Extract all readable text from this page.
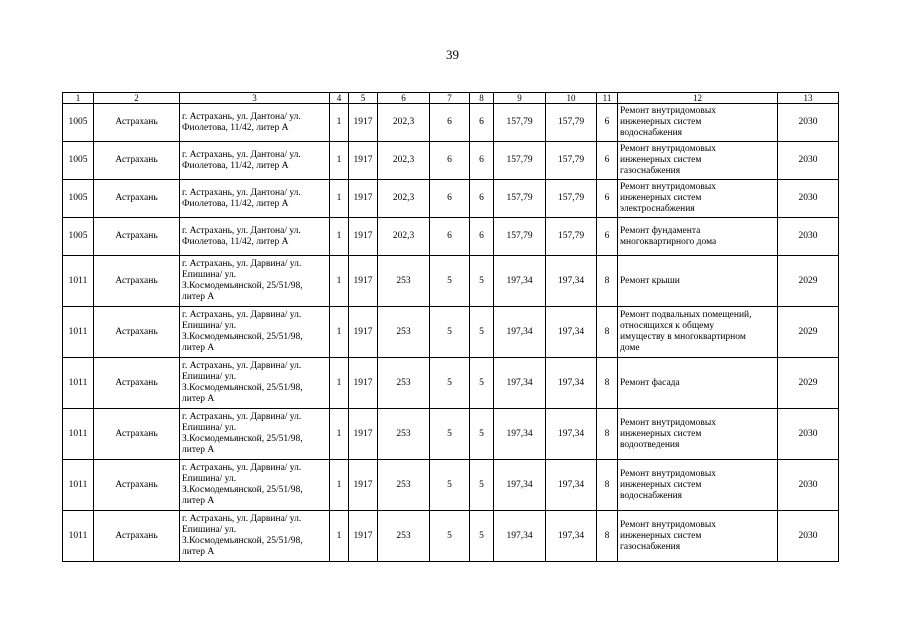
39
1	2	3	4	5	6	7	8	9	10	11	12	13
1005	Астрахань	г. Астрахань, ул. Дантона/ ул.
Фиолетова, 11/42, литер А	1	1917	202,3	6	6	157,79	157,79	6	Ремонт внутридомовых
инженерных систем
водоснабжения	2030
1005	Астрахань	г. Астрахань, ул. Дантона/ ул.
Фиолетова, 11/42, литер А	1	1917	202,3	6	6	157,79	157,79	6	Ремонт внутридомовых
инженерных систем
газоснабжения	2030
1005	Астрахань	г. Астрахань, ул. Дантона/ ул.
Фиолетова, 11/42, литер А	1	1917	202,3	6	6	157,79	157,79	6	Ремонт внутридомовых
инженерных систем
электроснабжения	2030
1005	Астрахань	г. Астрахань, ул. Дантона/ ул.
Фиолетова, 11/42, литер А	1	1917	202,3	6	6	157,79	157,79	6	Ремонт фундамента
многоквартирного дома	2030
1011	Астрахань	г. Астрахань, ул. Дарвина/ ул.
Епишина/ ул.
З.Космодемьянской, 25/51/98,
литер А	1	1917	253	5	5	197,34	197,34	8	Ремонт крыши	2029
1011	Астрахань	г. Астрахань, ул. Дарвина/ ул.
Епишина/ ул.
З.Космодемьянской, 25/51/98,
литер А	1	1917	253	5	5	197,34	197,34	8	Ремонт подвальных помещений,
относящихся к общему
имуществу в многоквартирном
доме	2029
1011	Астрахань	г. Астрахань, ул. Дарвина/ ул.
Епишина/ ул.
З.Космодемьянской, 25/51/98,
литер А	1	1917	253	5	5	197,34	197,34	8	Ремонт фасада	2029
1011	Астрахань	г. Астрахань, ул. Дарвина/ ул.
Епишина/ ул.
З.Космодемьянской, 25/51/98,
литер А	1	1917	253	5	5	197,34	197,34	8	Ремонт внутридомовых
инженерных систем
водоотведения	2030
1011	Астрахань	г. Астрахань, ул. Дарвина/ ул.
Епишина/ ул.
З.Космодемьянской, 25/51/98,
литер А	1	1917	253	5	5	197,34	197,34	8	Ремонт внутридомовых
инженерных систем
водоснабжения	2030
1011	Астрахань	г. Астрахань, ул. Дарвина/ ул.
Епишина/ ул.
З.Космодемьянской, 25/51/98,
литер А	1	1917	253	5	5	197,34	197,34	8	Ремонт внутридомовых
инженерных систем
газоснабжения	2030
